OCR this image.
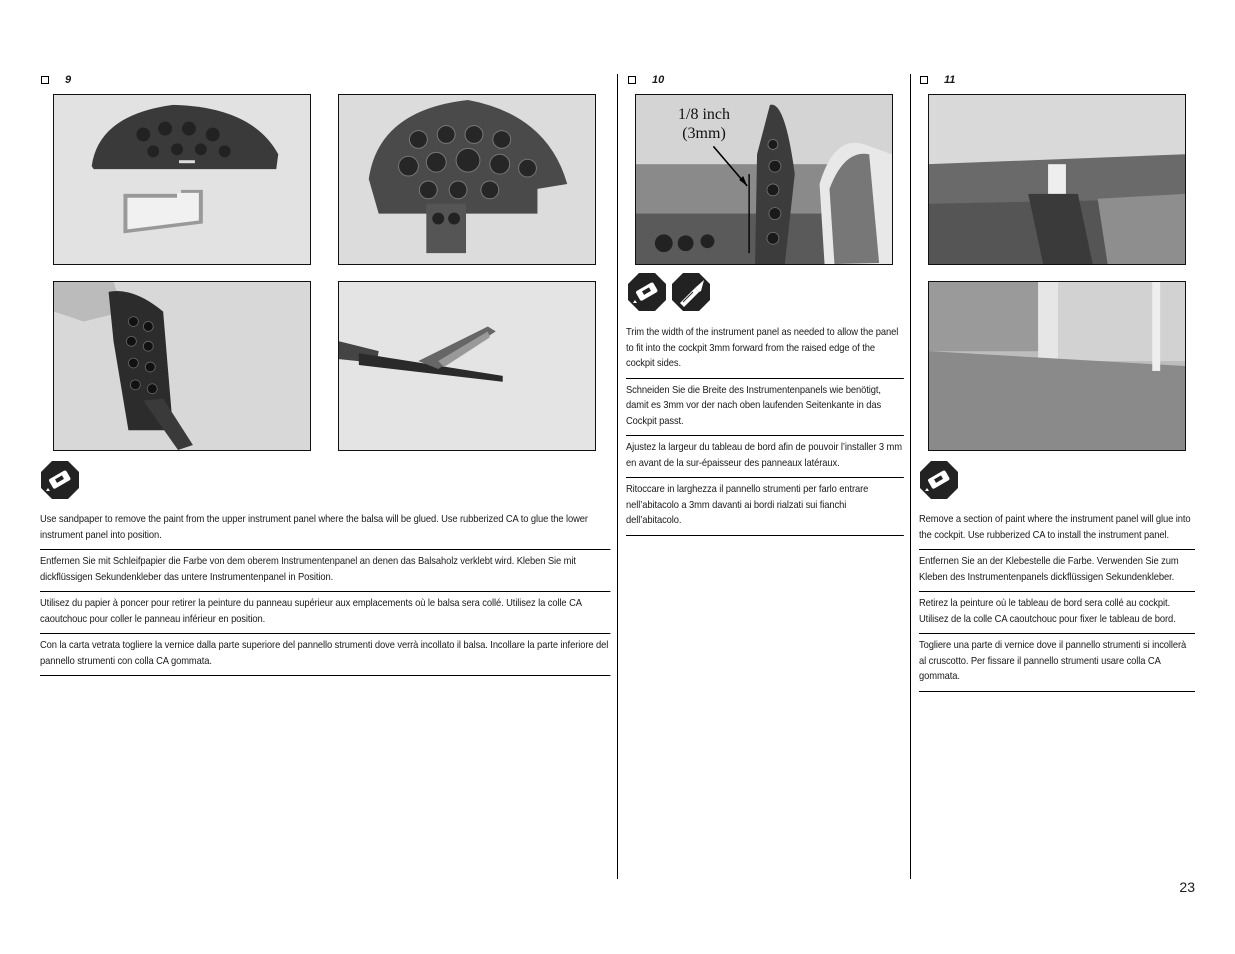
9	10	11

Use sandpaper to remove the paint from the upper instrument panel where the balsa will be glued. Use rubberized CA to glue the lower instrument panel into position.

Entfernen Sie mit Schleifpapier die Farbe von dem oberem Instrumentenpanel an denen das Balsaholz verklebt wird. Kleben Sie mit dickflüssigen Sekundenkleber das untere Instrumentenpanel in Position.

Utilisez du papier à poncer pour retirer la peinture du panneau supérieur aux emplacements où le balsa sera collé. Utilisez la colle CA caoutchouc pour coller le panneau inférieur en position.

Con la carta vetrata togliere la vernice dalla parte superiore del pannello strumenti dove verrà incollato il balsa. Incollare la parte inferiore del pannello strumenti con colla CA gommata.

1/8 inch
(3mm)

Trim the width of the instrument panel as needed to allow the panel to fit into the cockpit 3mm forward from the raised edge of the cockpit sides.

Schneiden Sie die Breite des Instrumentenpanels wie benötigt, damit es 3mm vor der nach oben laufenden Seitenkante in das Cockpit passt.

Ajustez la largeur du tableau de bord afin de pouvoir l’installer 3 mm en avant de la sur-épaisseur des panneaux latéraux.

Ritoccare in larghezza il pannello strumenti per farlo entrare nell’abitacolo a 3mm davanti ai bordi rialzati sui fianchi dell’abitacolo.	Remove a section of paint where the instrument panel will glue into the cockpit. Use rubberized CA to install the instrument panel.

Entfernen Sie an der Klebestelle die Farbe. Verwenden Sie zum Kleben des Instrumentenpanels dickflüssigen Sekundenkleber.

Retirez la peinture où le tableau de bord sera collé au cockpit. Utilisez de la colle CA caoutchouc pour fixer le tableau de bord.

Togliere una parte di vernice dove il pannello strumenti si incollerà al cruscotto. Per fissare il pannello strumenti usare colla CA gommata.

23
